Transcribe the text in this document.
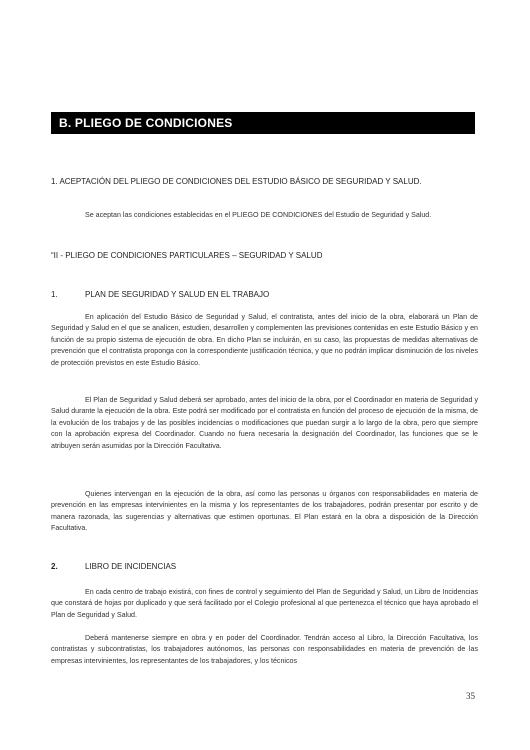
B. PLIEGO DE CONDICIONES
1. ACEPTACIÓN DEL PLIEGO DE CONDICIONES DEL ESTUDIO BÁSICO DE SEGURIDAD Y SALUD.

Se aceptan las condiciones establecidas en el PLIEGO DE CONDICIONES del Estudio de Seguridad y Salud.

“II - PLIEGO DE CONDICIONES PARTICULARES – SEGURIDAD Y SALUD
1.	PLAN DE SEGURIDAD Y SALUD EN EL TRABAJO

En aplicación del Estudio Básico de Seguridad y Salud, el contratista, antes del inicio de la obra, elaborará un Plan de Seguridad y Salud en el que se analicen, estudien, desarrollen y complementen las previsiones contenidas en este Estudio Básico y en función de su propio sistema de ejecución de obra. En dicho Plan se incluirán, en su caso, las propuestas de medidas alternativas de prevención que el contratista proponga con la correspondiente justificación técnica, y que no podrán implicar disminución de los niveles de protección previstos en este Estudio Básico.

El Plan de Seguridad y Salud deberá ser aprobado, antes del inicio de la obra, por el Coordinador en materia de Seguridad y Salud durante la ejecución de la obra. Este podrá ser modificado por el contratista en función del proceso de ejecución de la misma, de la evolución de los trabajos y de las posibles incidencias o modificaciones que puedan surgir a lo largo de la obra, pero que siempre con la aprobación expresa del Coordinador. Cuando no fuera necesaria la designación del Coordinador, las funciones que se le atribuyen serán asumidas por la Dirección Facultativa.

Quienes intervengan en la ejecución de la obra, así como las personas u órganos con responsabilidades en materia de prevención en las empresas intervinientes en la misma y los representantes de los trabajadores, podrán presentar por escrito y de manera razonada, las sugerencias y alternativas que estimen oportunas. El Plan estará en la obra a disposición de la Dirección Facultativa.

2.	LIBRO DE INCIDENCIAS

En cada centro de trabajo existirá, con fines de control y seguimiento del Plan de Seguridad y Salud, un Libro de Incidencias que constará de hojas por duplicado y que será facilitado por el Colegio profesional al que pertenezca el técnico que haya aprobado el Plan de Seguridad y Salud.

Deberá mantenerse siempre en obra y en poder del Coordinador. Tendrán acceso al Libro, la Dirección Facultativa, los contratistas y subcontratistas, los trabajadores autónomos, las personas con responsabilidades en materia de prevención de las empresas intervinientes, los representantes de los trabajadores, y los técnicos

35
